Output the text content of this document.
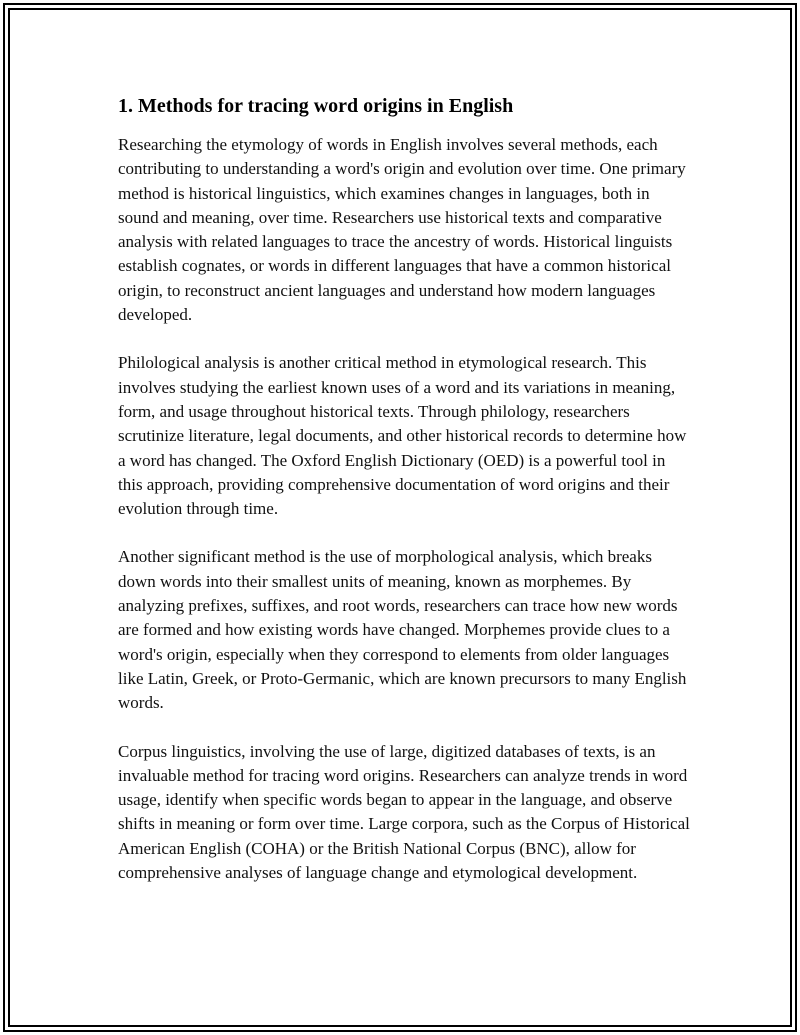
1. Methods for tracing word origins in English

Researching the etymology of words in English involves several methods, each contributing to understanding a word's origin and evolution over time. One primary method is historical linguistics, which examines changes in languages, both in sound and meaning, over time. Researchers use historical texts and comparative analysis with related languages to trace the ancestry of words. Historical linguists establish cognates, or words in different languages that have a common historical origin, to reconstruct ancient languages and understand how modern languages developed.

Philological analysis is another critical method in etymological research. This involves studying the earliest known uses of a word and its variations in meaning, form, and usage throughout historical texts. Through philology, researchers scrutinize literature, legal documents, and other historical records to determine how a word has changed. The Oxford English Dictionary (OED) is a powerful tool in this approach, providing comprehensive documentation of word origins and their evolution through time.

Another significant method is the use of morphological analysis, which breaks down words into their smallest units of meaning, known as morphemes. By analyzing prefixes, suffixes, and root words, researchers can trace how new words are formed and how existing words have changed. Morphemes provide clues to a word's origin, especially when they correspond to elements from older languages like Latin, Greek, or Proto-Germanic, which are known precursors to many English words.

Corpus linguistics, involving the use of large, digitized databases of texts, is an invaluable method for tracing word origins. Researchers can analyze trends in word usage, identify when specific words began to appear in the language, and observe shifts in meaning or form over time. Large corpora, such as the Corpus of Historical American English (COHA) or the British National Corpus (BNC), allow for comprehensive analyses of language change and etymological development.
